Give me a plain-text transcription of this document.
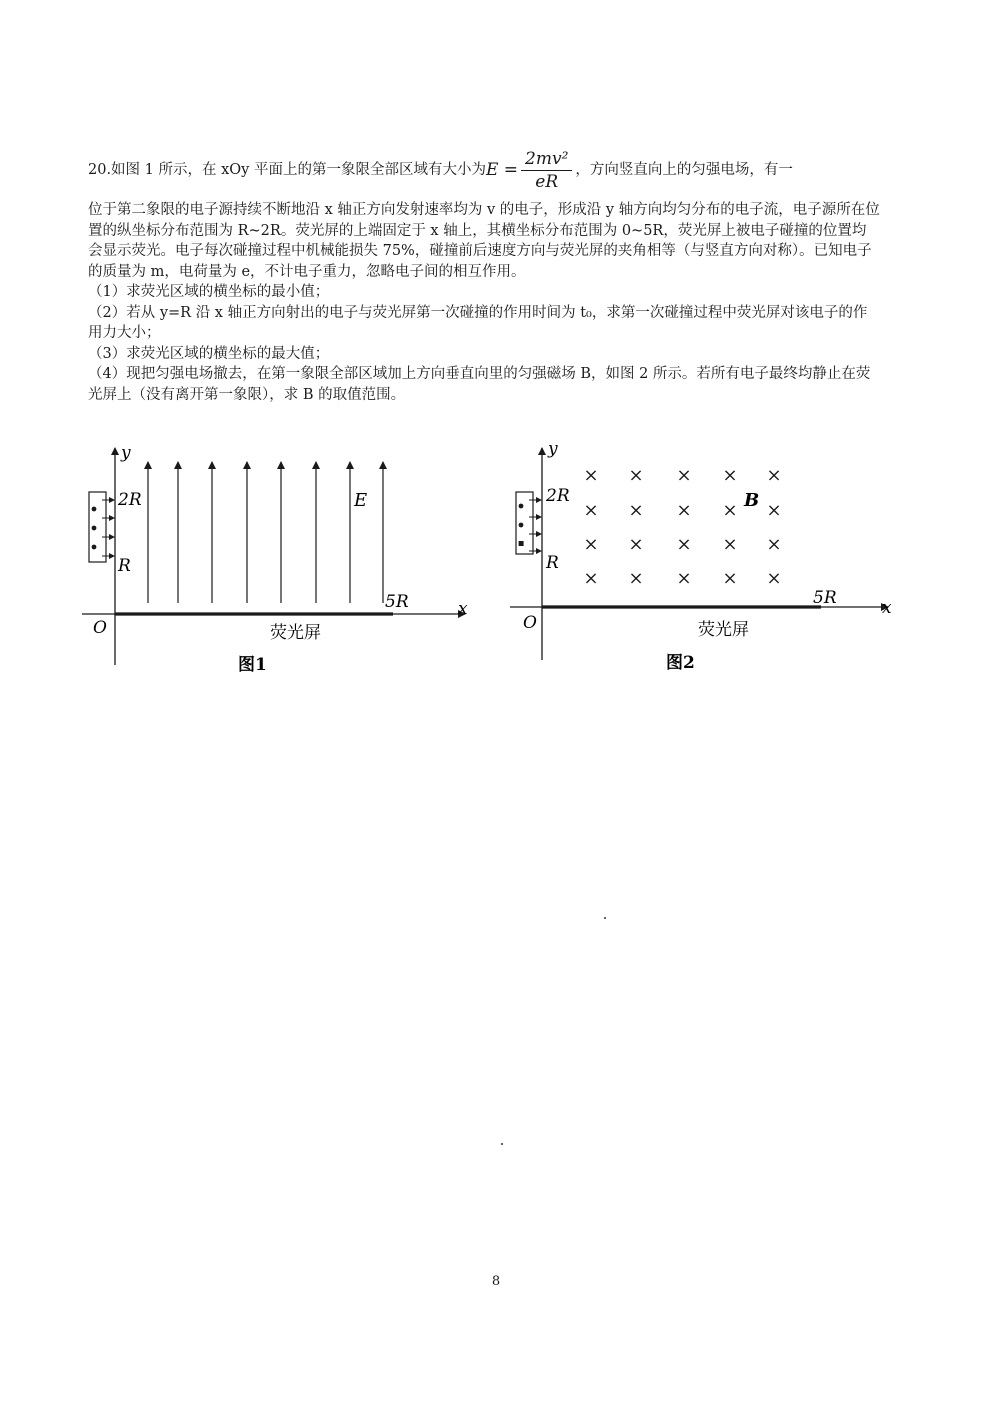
20.如图 1 所示，在 xOy 平面上的第一象限全部区域有大小为 $E = \frac{\text{2mv²}}{eR}$ ，方向竖直向上的匀强电场，有一

位于第二象限的电子源持续不断地沿 x 轴正方向发射速率均为 v 的电子，形成沿 y 轴方向均匀分布的电子流，电子源所在位置的纵坐标分布范围为 R~2R。荧光屏的上端固定于 x 轴上，其横坐标分布范围为 0~5R，荧光屏上被电子碰撞的位置均会显示荧光。电子每次碰撞过程中机械能损失 75%，碰撞前后速度方向与荧光屏的夹角相等（与竖直方向对称）。已知电子的质量为 m，电荷量为 e，不计电子重力，忽略电子间的相互作用。

（1）求荧光区域的横坐标的最小值；

（2）若从 y=R 沿 x 轴正方向射出的电子与荧光屏第一次碰撞的作用时间为 t₀，求第一次碰撞过程中荧光屏对该电子的作用力大小；

（3）求荧光区域的横坐标的最大值；

（4）现把匀强电场撤去，在第一象限全部区域加上方向垂直向里的匀强磁场 B，如图 2 所示。若所有电子最终均静止在荧光屏上（没有离开第一象限），求 B 的取值范围。

y
x
O
2R
R
5R
E
荧光屏
图1
× × × × ×
× × × × ×
× × × × ×
× × × × ×
y
x
O
2R
R
5R
B
荧光屏
图2
8
